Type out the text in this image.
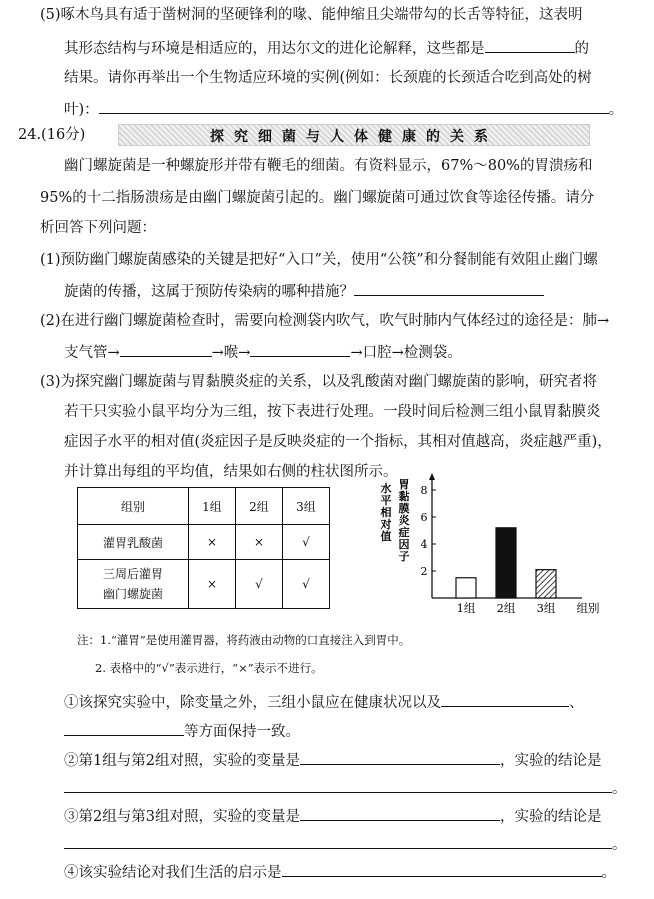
(5)啄木鸟具有适于凿树洞的坚硬锋利的喙、能伸缩且尖端带勾的长舌等特征，这表明
其形态结构与环境是相适应的，用达尔文的进化论解释，这些都是	的
结果。请你再举出一个生物适应环境的实例(例如：长颈鹿的长颈适合吃到高处的树
叶)：	。
24.(16分)	探究细菌与人体健康的关系
幽门螺旋菌是一种螺旋形并带有鞭毛的细菌。有资料显示，67%～80%的胃溃疡和
95%的十二指肠溃疡是由幽门螺旋菌引起的。幽门螺旋菌可通过饮食等途径传播。请分
析回答下列问题：
(1)预防幽门螺旋菌感染的关键是把好“入口”关，使用“公筷”和分餐制能有效阻止幽门螺
旋菌的传播，这属于预防传染病的哪种措施？
(2)在进行幽门螺旋菌检查时，需要向检测袋内吹气，吹气时肺内气体经过的途径是：肺→
支气管→	→喉→	→口腔→检测袋。
(3)为探究幽门螺旋菌与胃黏膜炎症的关系，以及乳酸菌对幽门螺旋菌的影响，研究者将
若干只实验小鼠平均分为三组，按下表进行处理。一段时间后检测三组小鼠胃黏膜炎
症因子水平的相对值(炎症因子是反映炎症的一个指标，其相对值越高，炎症越严重)，
并计算出每组的平均值，结果如右侧的柱状图所示。
组别	1组	2组	3组
灌胃乳酸菌	×	×	√

三周后灌胃
幽门螺旋菌	×	√	√
2
4
6
8
1组 2组 3组 组别
胃
黏
膜
炎
症
因
子
水
平
相
对
值
注：1.“灌胃”是使用灌胃器，将药液由动物的口直接注入到胃中。
2. 表格中的“√”表示进行，“×”表示不进行。
①该探究实验中，除变量之外，三组小鼠应在健康状况以及	、
等方面保持一致。
②第1组与第2组对照，实验的变量是	，实验的结论是
。
③第2组与第3组对照，实验的变量是	，实验的结论是
。
④该实验结论对我们生活的启示是	。
